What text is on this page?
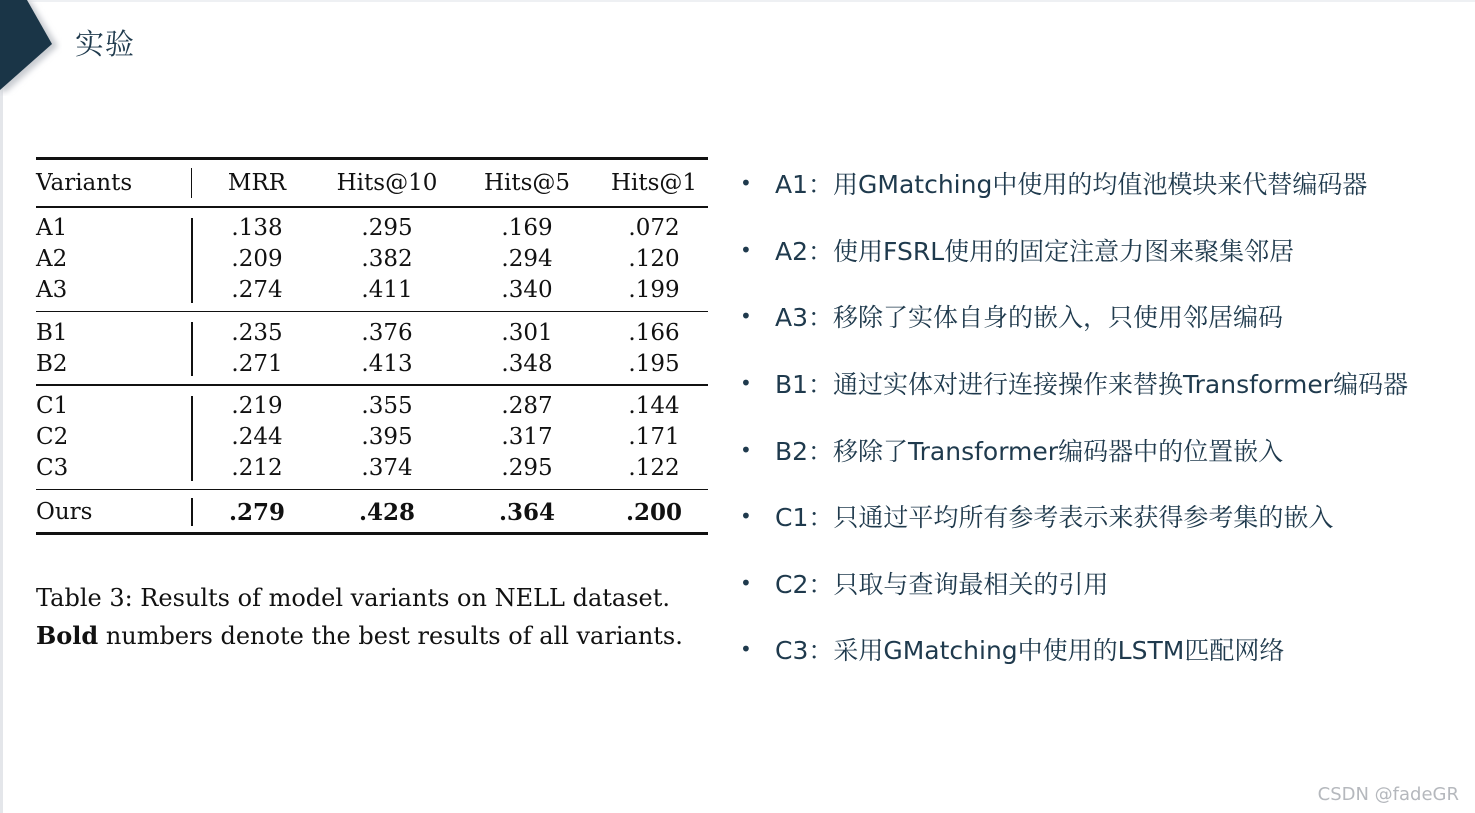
实验
Variants	MRR	Hits@10	Hits@5	Hits@1
A1	.138	.295	.169	.072
A2	.209	.382	.294	.120
A3	.274	.411	.340	.199
B1	.235	.376	.301	.166
B2	.271	.413	.348	.195
C1	.219	.355	.287	.144
C2	.244	.395	.317	.171
C3	.212	.374	.295	.122
Ours	.279	.428	.364	.200
Table 3: Results of model variants on NELL dataset.
Bold numbers denote the best results of all variants.
• A1：用GMatching中使用的均值池模块来代替编码器
• A2：使用FSRL使用的固定注意力图来聚集邻居
• A3：移除了实体自身的嵌入，只使用邻居编码
• B1：通过实体对进行连接操作来替换Transformer编码器
• B2：移除了Transformer编码器中的位置嵌入
• C1：只通过平均所有参考表示来获得参考集的嵌入
• C2：只取与查询最相关的引用
• C3：采用GMatching中使用的LSTM匹配网络
CSDN @fadeGR
